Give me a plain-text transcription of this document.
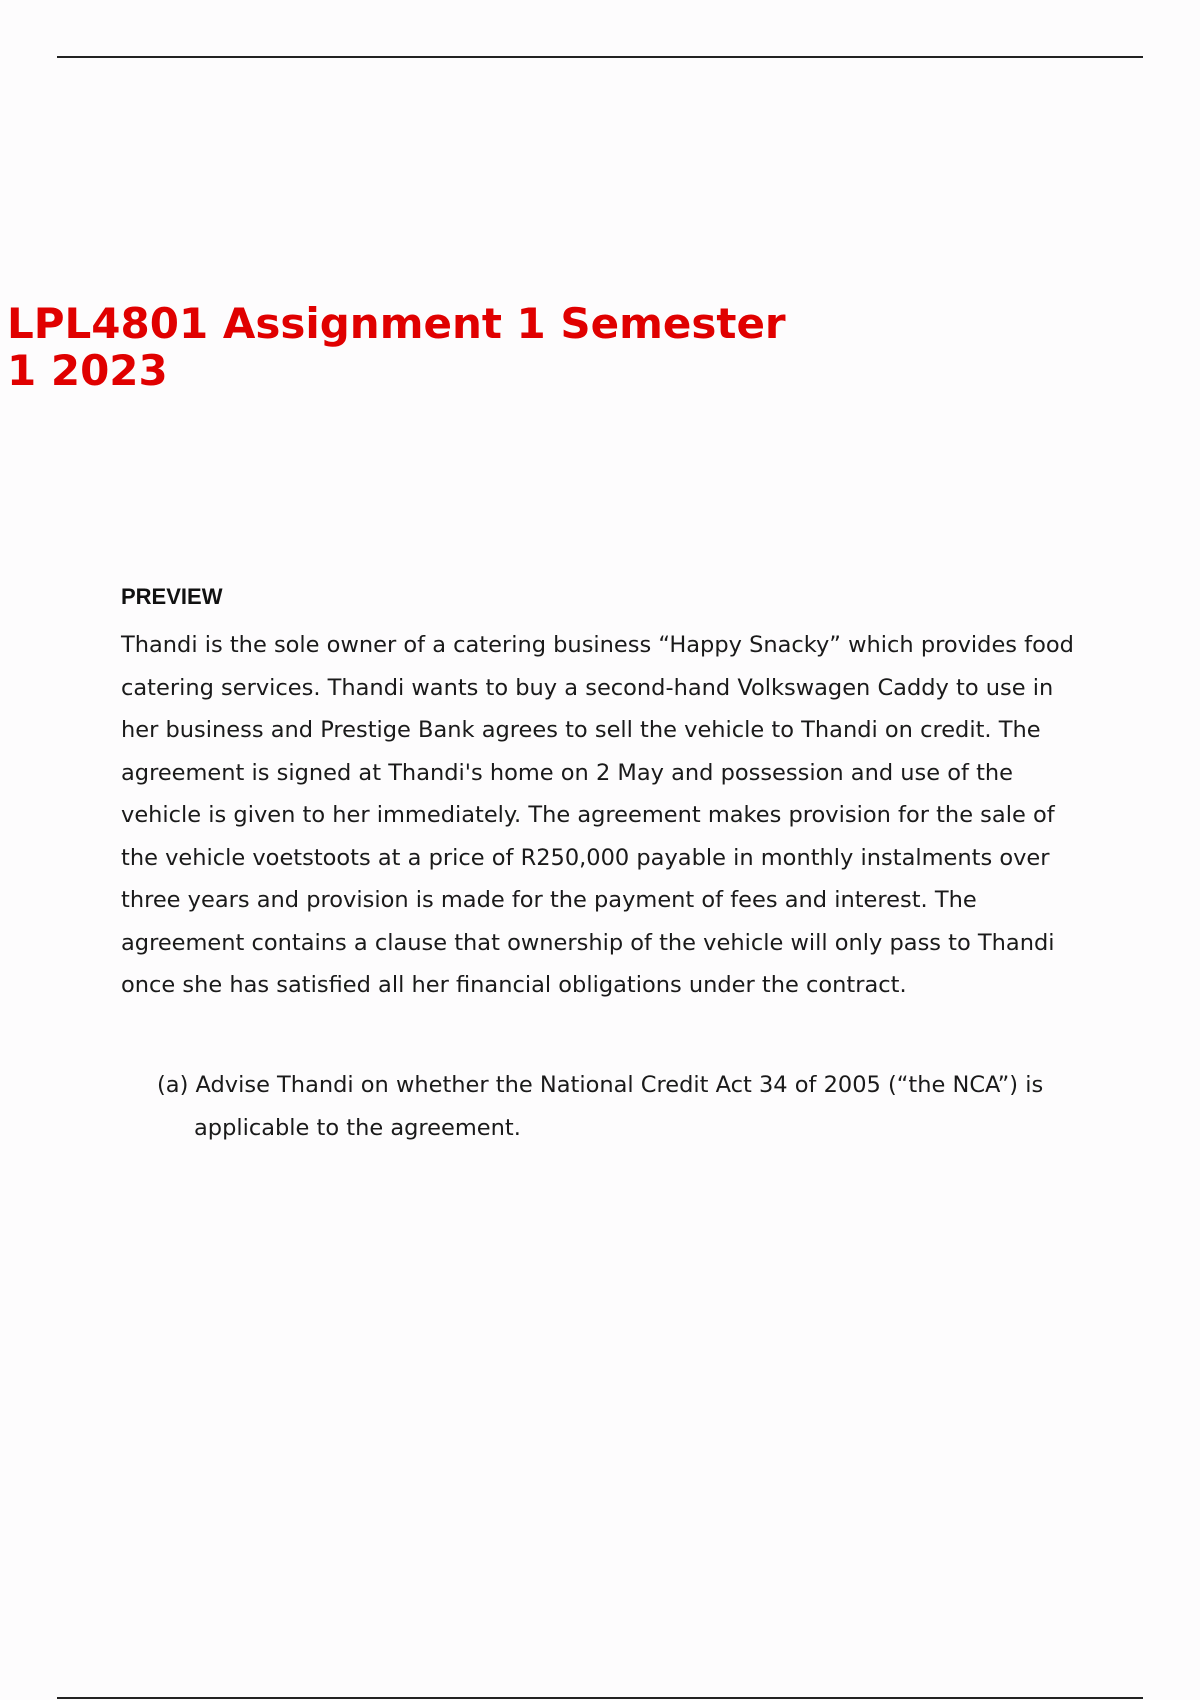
LPL4801 Assignment 1 Semester 1 2023
PREVIEW

Thandi is the sole owner of a catering business “Happy Snacky” which provides food catering services. Thandi wants to buy a second-hand Volkswagen Caddy to use in her business and Prestige Bank agrees to sell the vehicle to Thandi on credit. The agreement is signed at Thandi's home on 2 May and possession and use of the vehicle is given to her immediately. The agreement makes provision for the sale of the vehicle voetstoots at a price of R250,000 payable in monthly instalments over three years and provision is made for the payment of fees and interest. The agreement contains a clause that ownership of the vehicle will only pass to Thandi once she has satisfied all her financial obligations under the contract.

(a) Advise Thandi on whether the National Credit Act 34 of 2005 (“the NCA”) is applicable to the agreement.
